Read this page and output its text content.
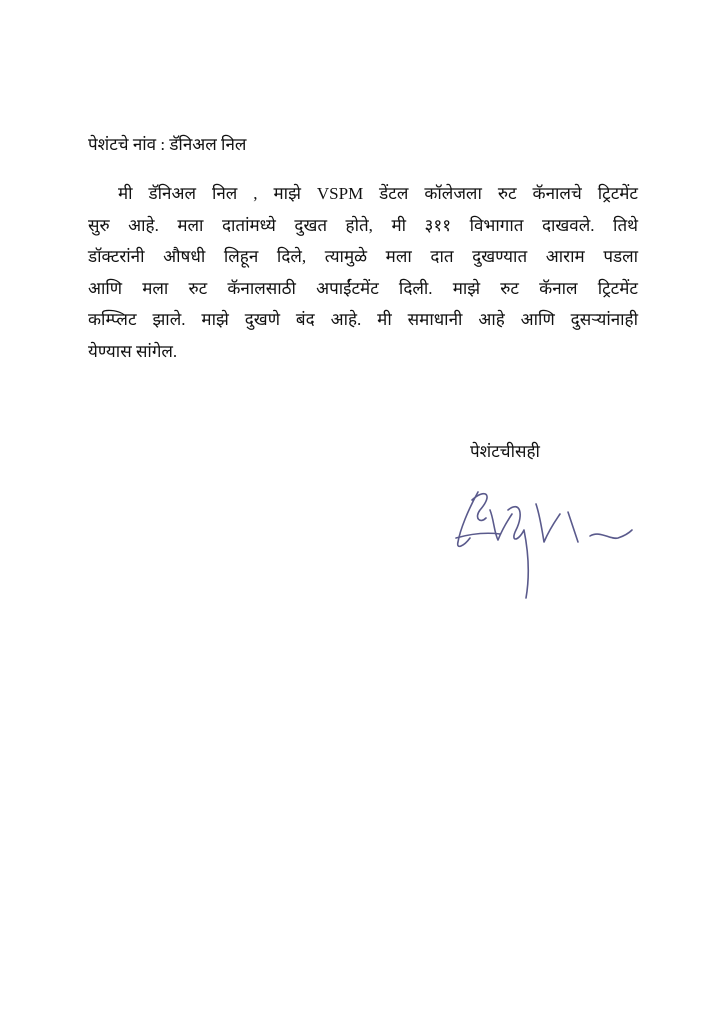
पेशंटचे नांव : डॅनिअल निल
मी डॅनिअल निल , माझे VSPM डेंटल कॉलेजला रुट कॅनालचे ट्रिटमेंट
सुरु आहे. मला दातांमध्ये दुखत होते, मी ३११ विभागात दाखवले. तिथे
डॉक्टरांनी औषधी लिहून दिले, त्यामुळे मला दात दुखण्यात आराम पडला
आणि मला रुट कॅनालसाठी अपाईंटमेंट दिली. माझे रुट कॅनाल ट्रिटमेंट
कम्प्लिट झाले. माझे दुखणे बंद आहे. मी समाधानी आहे आणि दुसऱ्यांनाही
येण्यास सांगेल.
पेशंटचीसही
